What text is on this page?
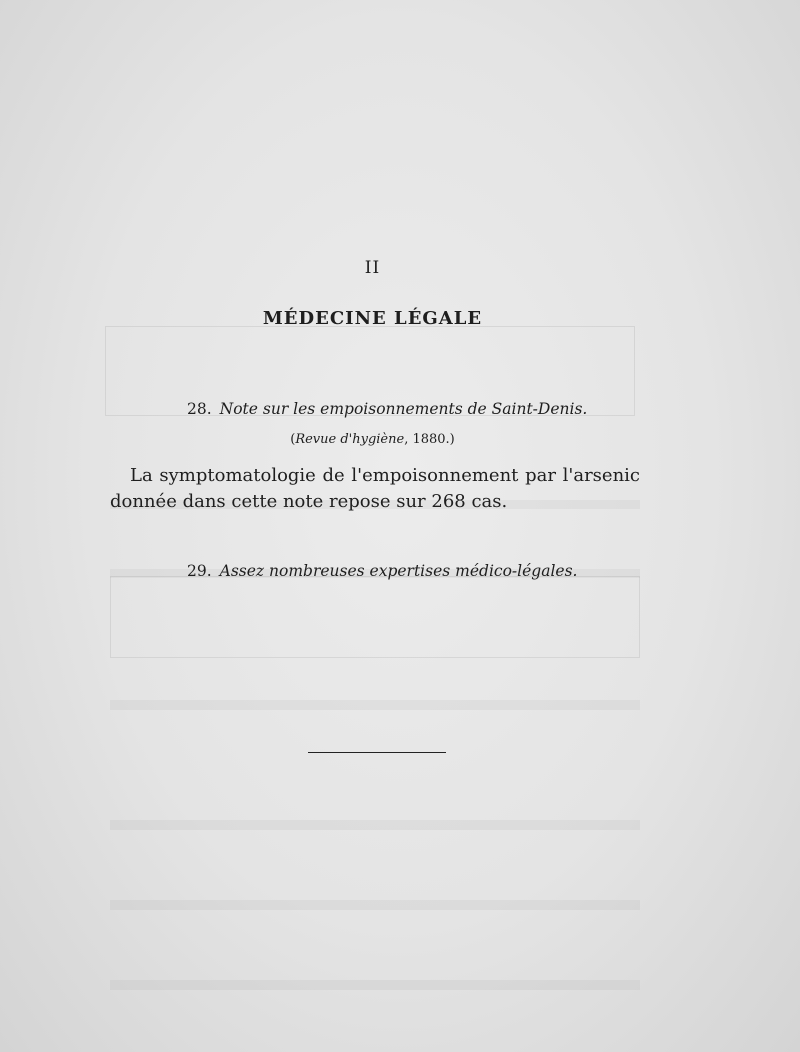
II
MÉDECINE LÉGALE
28. Note sur les empoisonnements de Saint-Denis.
(Revue d'hygiène, 1880.)
La symptomatologie de l'empoisonnement par l'arsenic donnée dans cette note repose sur 268 cas.
29. Assez nombreuses expertises médico-légales.
